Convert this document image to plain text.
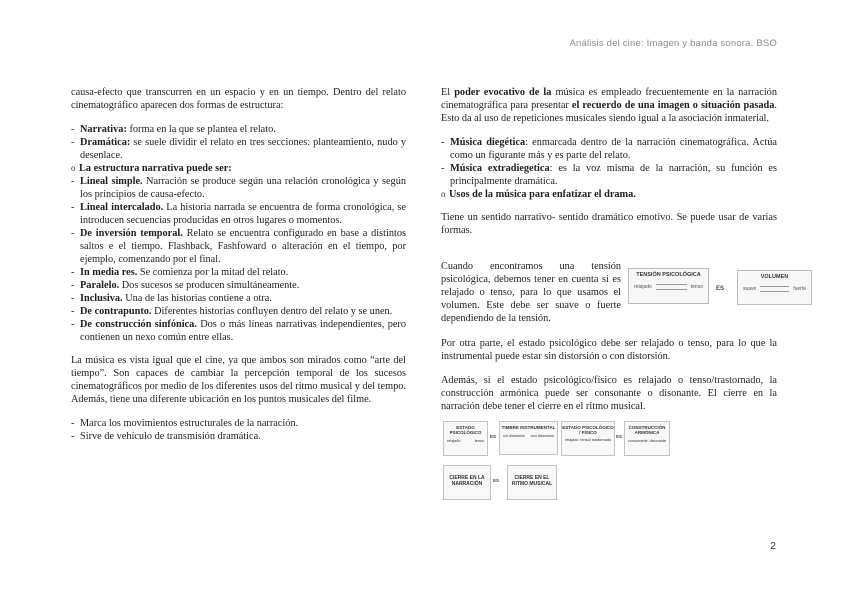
Análisis del cine: Imagen y banda sonora. BSO

causa-efecto que transcurren en un espacio y en un tiempo. Dentro del relato cinematográfico aparecen dos formas de estructura:

- Narrativa: forma en la que se plantea el relato.
- Dramática: se suele dividir el relato en tres secciones: planteamiento, nudo y desenlace.
o La estructura narrativa puede ser:
- Lineal simple. Narración se produce según una relación cronológica y según los principios de causa-efecto.
- Lineal intercalado. La historia narrada se encuentra de forma cronológica, se introducen secuencias producidas en otros lugares o momentos.
- De inversión temporal. Relato se encuentra configurado en base a distintos saltos e el tiempo. Flashback, Fashfoward o alteración en el tiempo, por ejemplo, comenzando por el final.
- In media res. Se comienza por la mitad del relato.
- Paralelo. Dos sucesos se producen simultáneamente.
- Inclusiva. Una de las historias contiene a otra.
- De contrapunto. Diferentes historias confluyen dentro del relato y se unen.
- De construcción sinfónica. Dos o más líneas narrativas independientes, pero contienen un nexo común entre ellas.

La música es vista igual que el cine, ya que ambos son mirados como “arte del tiempo”. Son capaces de cambiar la percepción temporal de los sucesos cinematográficos por medio de los diferentes usos del ritmo musical y del tempo. Además, tiene una diferente ubicación en los puntos musicales del filme.

- Marca los movimientos estructurales de la narración.
- Sirve de vehículo de transmisión dramática.

El poder evocativo de la música es empleado frecuentemente en la narración cinematográfica para presentar el recuerdo de una imagen o situación pasada. Esto da al uso de repeticiones musicales siendo igual a la asociación inmaterial.

- Música diegética: enmarcada dentro de la narración cinematográfica. Actúa como un figurante más y es parte del relato.
- Música extradiegetica: es la voz misma de la narración, su función es principalmente dramática.
o Usos de la música para enfatizar el drama.

Tiene un sentido narrativo- sentido dramático emotivo. Se puede usar de varias formas.

Cuando encontramos una tensión psicológica, debemos tener en cuenta si es relajado o tenso, para lo que usamos el volumen. Este debe ser suave o fuerte dependiendo de la tensión.
TENSIÓN PSICOLÓGICA
relajado	tenso ES
VOLUMEN
suave	fuerte

Por otra parte, el estado psicológico debe ser relajado o tenso, para lo que la instrumental puede estar sin distorsión o con distorsión.

Además, si el estado psicológico/físico es relajado o tenso/trastornado, la construcción armónica puede ser consonante o disonante. El cierre en la narración debe tener el cierre en el ritmo musical.

ESTADO PSICOLÓGICO
relajado	tenso
ES
TIMBRE INSTRUMENTAL
sin distorsión con distorsión
ESTADO PSICOLÓGICO / FÍSICO
relajado tenso/ trastornado
ES
CONSTRUCCIÓN ARMÓNICA
consonante disonante
CIERRE EN LA NARRACIÓN
ES	CIERRE EN EL RITMO MUSICAL
2
